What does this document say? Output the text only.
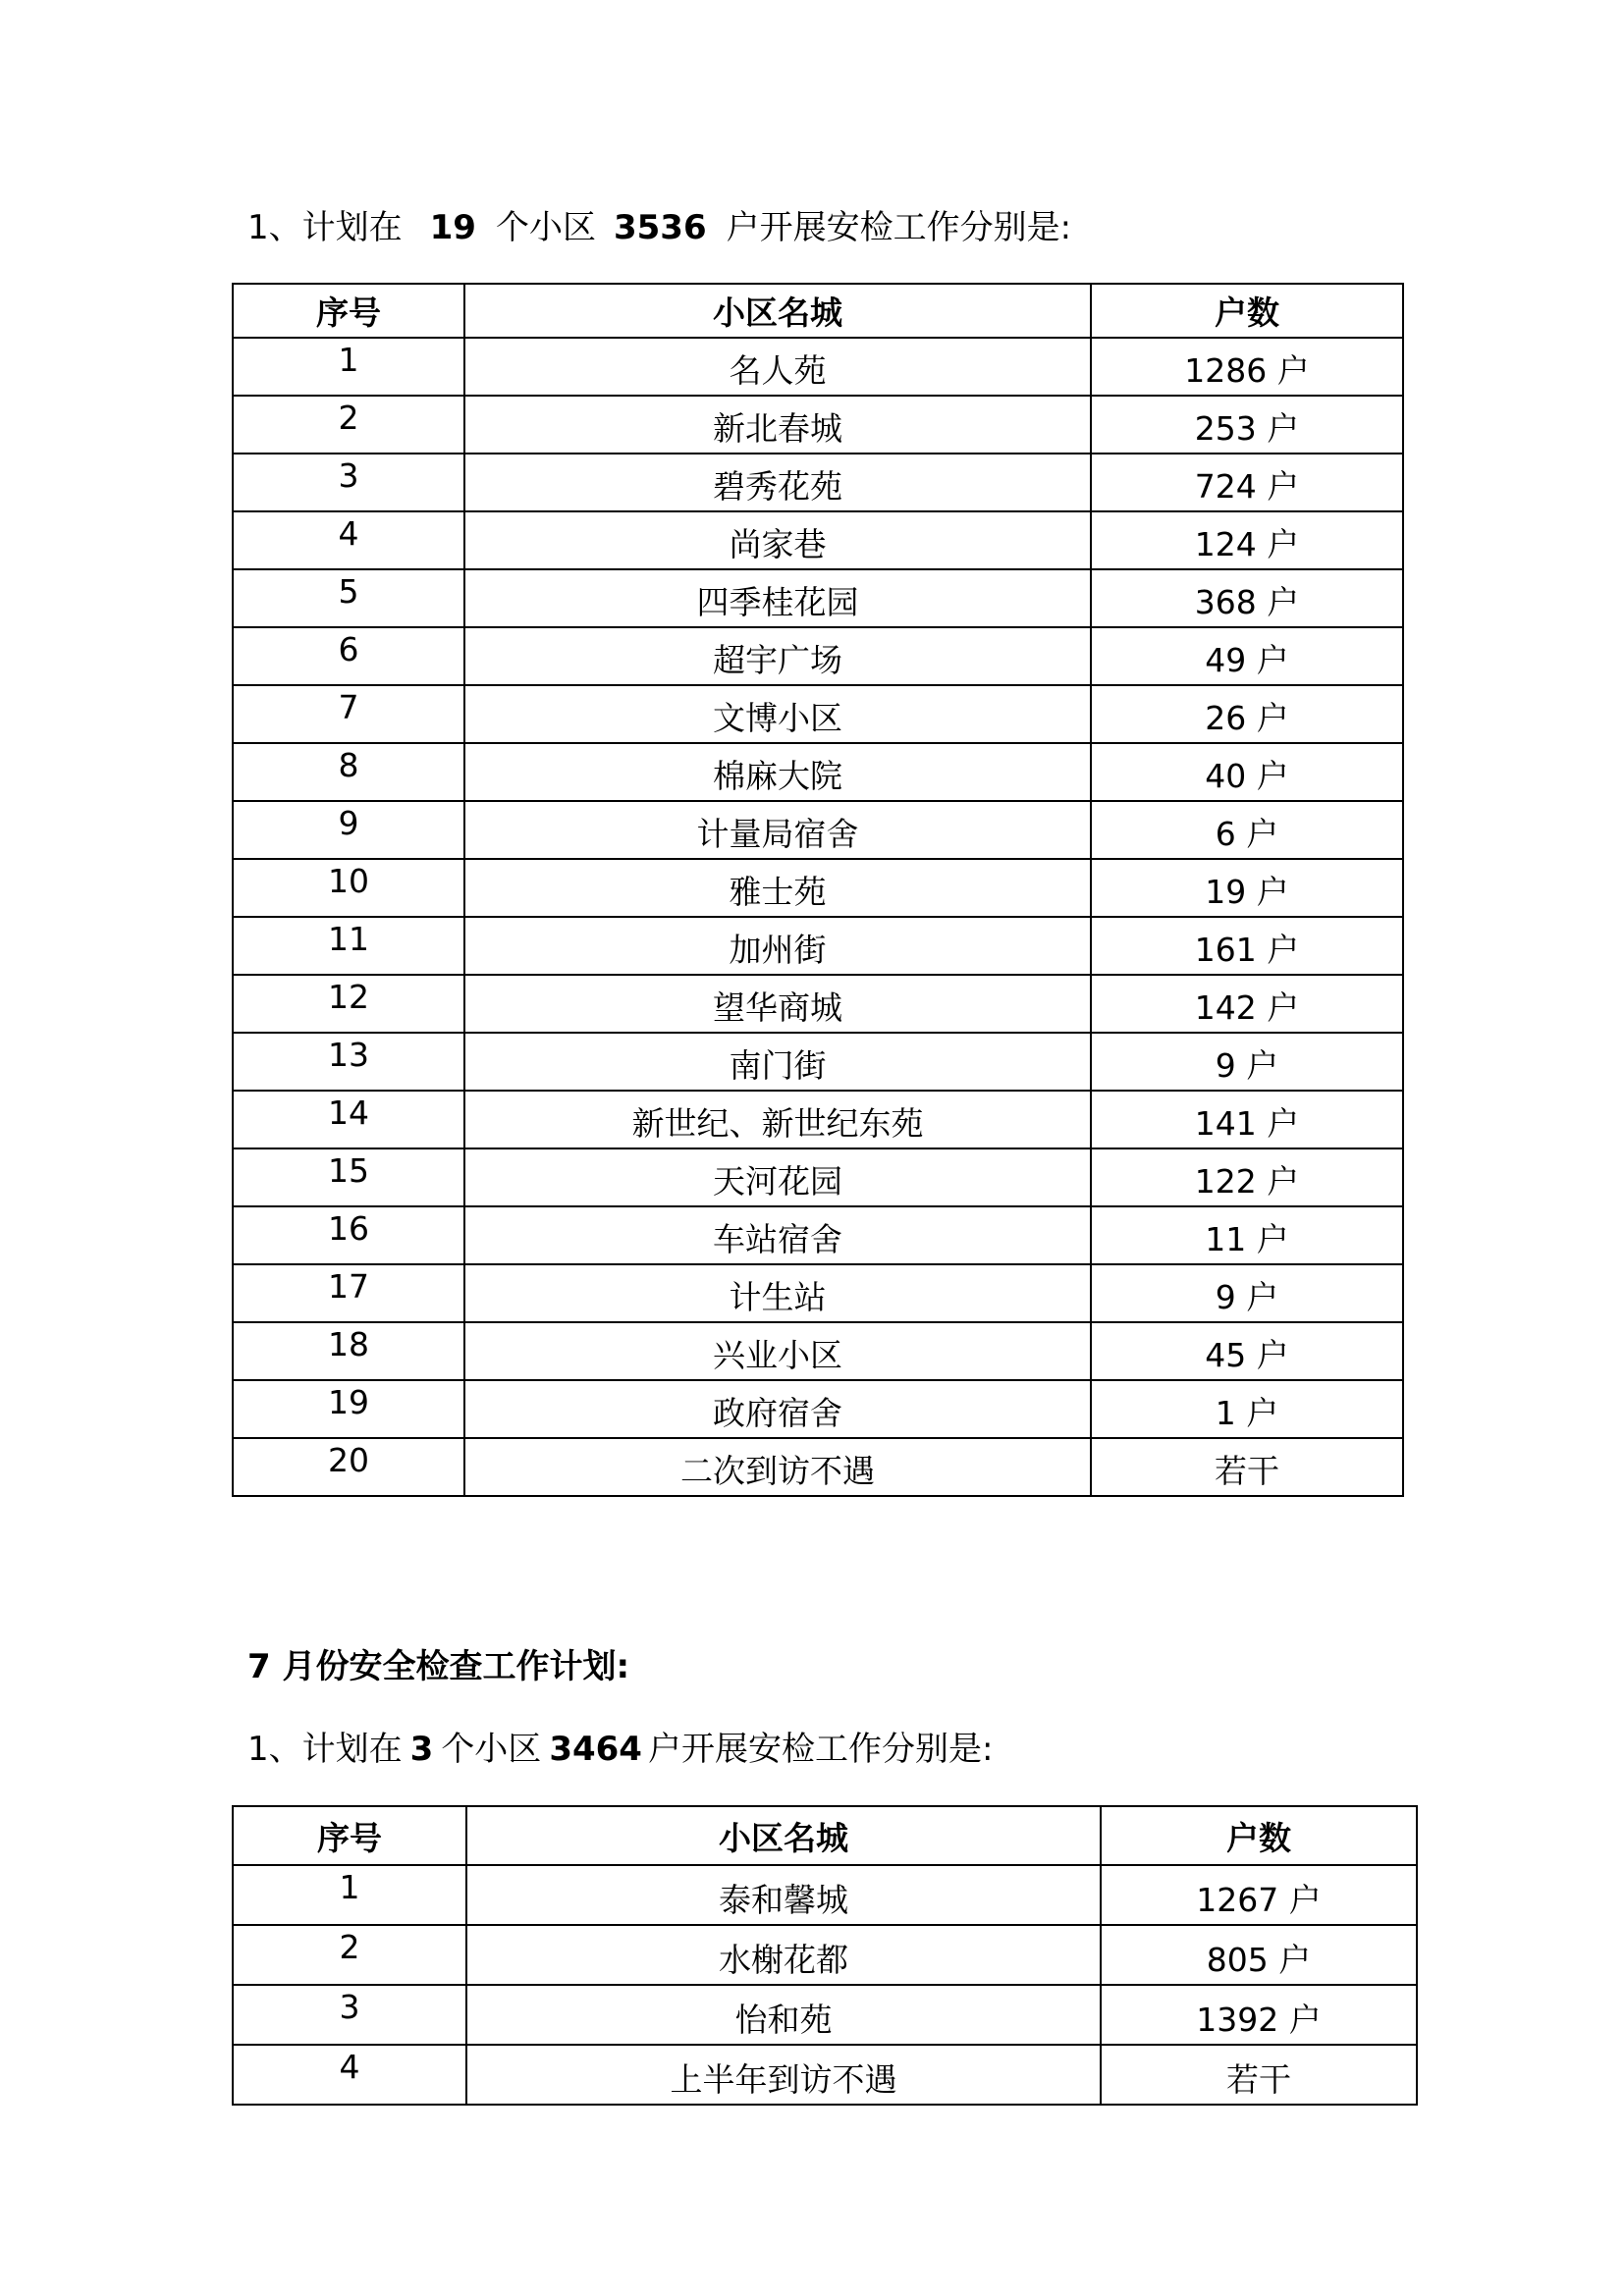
1、计划在 19 个小区 3536 户开展安检工作分别是:
序号	小区名城	户数
1	名人苑	1286 户
2	新北春城	253 户
3	碧秀花苑	724 户
4	尚家巷	124 户
5	四季桂花园	368 户
6	超宇广场	49 户
7	文博小区	26 户
8	棉麻大院	40 户
9	计量局宿舍	6 户
10	雅士苑	19 户
11	加州街	161 户
12	望华商城	142 户
13	南门街	9 户
14	新世纪、新世纪东苑	141 户
15	天河花园	122 户
16	车站宿舍	11 户
17	计生站	9 户
18	兴业小区	45 户
19	政府宿舍	1 户
20	二次到访不遇	若干
7 月份安全检查工作计划:
1、计划在 3 个小区 3464 户开展安检工作分别是:
序号	小区名城	户数
1	泰和馨城	1267 户
2	水榭花都	805 户
3	怡和苑	1392 户
4	上半年到访不遇	若干
